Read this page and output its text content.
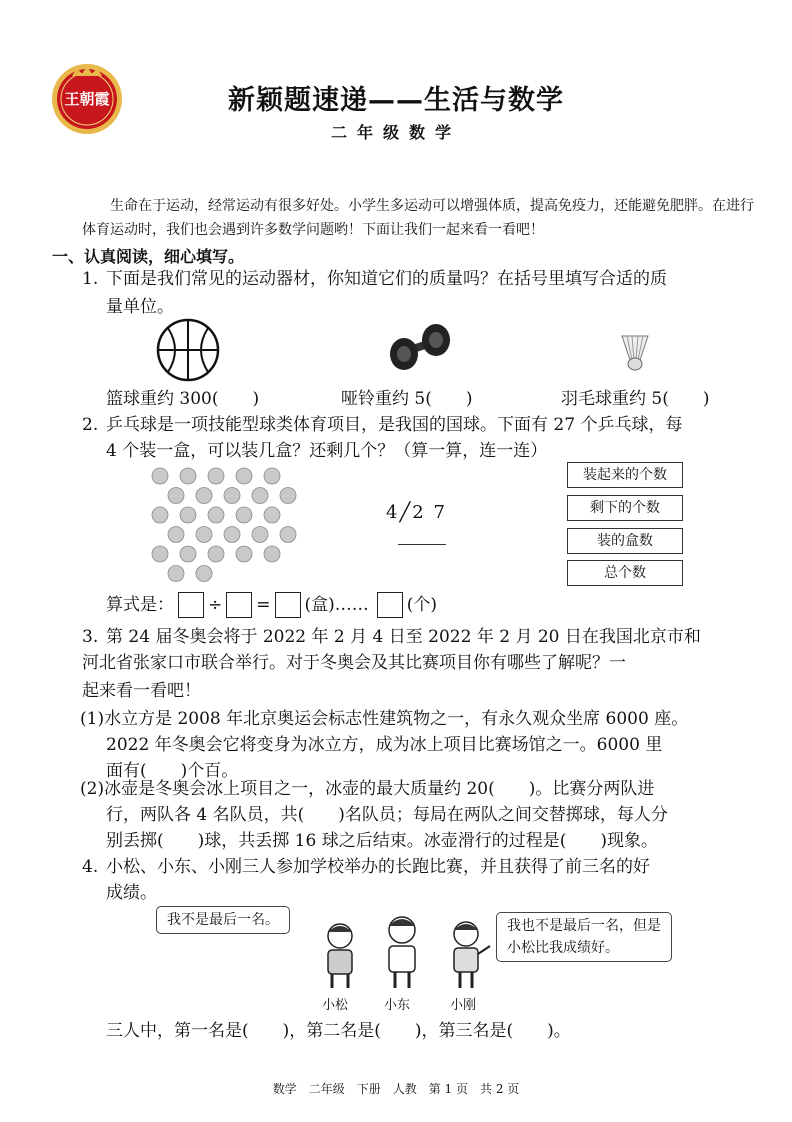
王朝霞	新颖题速递——生活与数学
二年级数学
生命在于运动，经常运动有很多好处。小学生多运动可以增强体质，提高免疫力，还能避免肥胖。在进行体育运动时，我们也会遇到许多数学问题哟！下面让我们一起来看一看吧！
一、认真阅读，细心填写。
1. 下面是我们常见的运动器材，你知道它们的质量吗？在括号里填写合适的质
量单位。
篮球重约 300(　　)	哑铃重约 5(　　)	羽毛球重约 5(　　)
2. 乒乓球是一项技能型球类体育项目，是我国的国球。下面有 27 个乒乓球，每
4 个装一盒，可以装几盒？还剩几个？（算一算，连一连）
4╱2 7
装起来的个数
剩下的个数
装的盒数
总个数
算式是： ÷ = (盒)…… (个)
3. 第 24 届冬奥会将于 2022 年 2 月 4 日至 2022 年 2 月 20 日在我国北京市和
河北省张家口市联合举行。对于冬奥会及其比赛项目你有哪些了解呢？一
起来看一看吧！
(1)水立方是 2008 年北京奥运会标志性建筑物之一，有永久观众坐席 6000 座。
2022 年冬奥会它将变身为冰立方，成为冰上项目比赛场馆之一。6000 里
面有(　　)个百。
(2)冰壶是冬奥会冰上项目之一，冰壶的最大质量约 20(　　)。比赛分两队进
行，两队各 4 名队员，共(　　)名队员；每局在两队之间交替掷球，每人分
别丢掷(　　)球，共丢掷 16 球之后结束。冰壶滑行的过程是(　　)现象。
4. 小松、小东、小刚三人参加学校举办的长跑比赛，并且获得了前三名的好
成绩。
我不是最后一名。	我也不是最后一名，但是
小松比我成绩好。
小松	小东	小刚
三人中，第一名是(　　)，第二名是(　　)，第三名是(　　)。
数学　二年级　下册　人教　第 1 页　共 2 页
